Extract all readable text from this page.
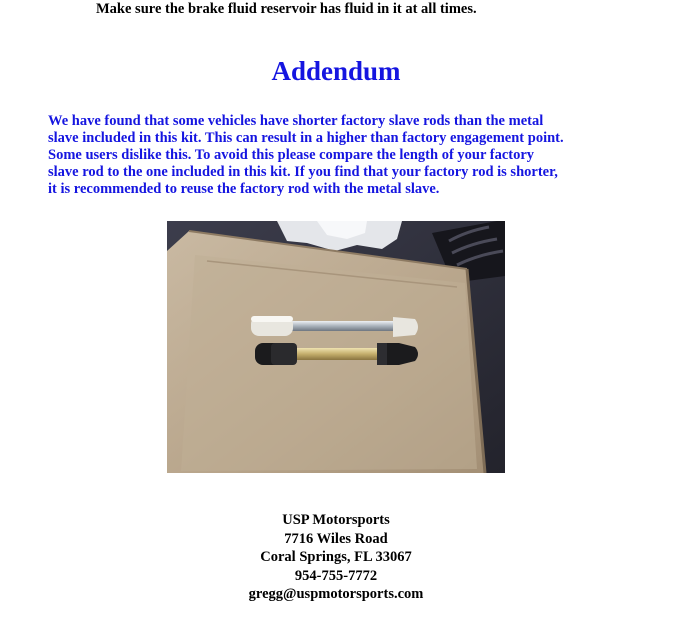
Make sure the brake fluid reservoir has fluid in it at all times.
Addendum
We have found that some vehicles have shorter factory slave rods than the metal
slave included in this kit. This can result in a higher than factory engagement point.
Some users dislike this. To avoid this please compare the length of your factory
slave rod to the one included in this kit. If you find that your factory rod is shorter,
it is recommended to reuse the factory rod with the metal slave.
USP Motorsports
7716 Wiles Road
Coral Springs, FL 33067
954-755-7772
gregg@uspmotorsports.com
